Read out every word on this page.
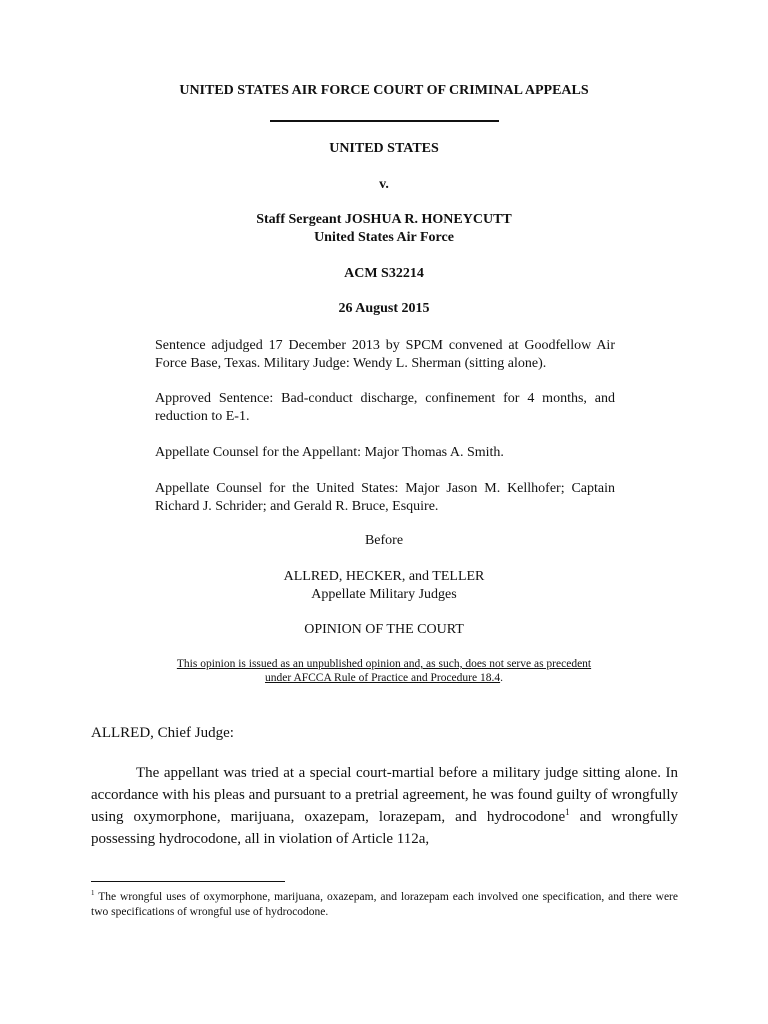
UNITED STATES AIR FORCE COURT OF CRIMINAL APPEALS
UNITED STATES
v.
Staff Sergeant JOSHUA R. HONEYCUTT
United States Air Force
ACM S32214
26 August 2015

Sentence adjudged 17 December 2013 by SPCM convened at Goodfellow Air Force Base, Texas. Military Judge: Wendy L. Sherman (sitting alone).

Approved Sentence: Bad-conduct discharge, confinement for 4 months, and reduction to E-1.

Appellate Counsel for the Appellant: Major Thomas A. Smith.

Appellate Counsel for the United States: Major Jason M. Kellhofer; Captain Richard J. Schrider; and Gerald R. Bruce, Esquire.

Before
ALLRED, HECKER, and TELLER
Appellate Military Judges
OPINION OF THE COURT
This opinion is issued as an unpublished opinion and, as such, does not serve as precedent
under AFCCA Rule of Practice and Procedure 18.4.
ALLRED, Chief Judge:
The appellant was tried at a special court-martial before a military judge sitting alone. In accordance with his pleas and pursuant to a pretrial agreement, he was found guilty of wrongfully using oxymorphone, marijuana, oxazepam, lorazepam, and hydrocodone$^1$ and wrongfully possessing hydrocodone, all in violation of Article 112a,
$^1$ The wrongful uses of oxymorphone, marijuana, oxazepam, and lorazepam each involved one specification, and there were two specifications of wrongful use of hydrocodone.
